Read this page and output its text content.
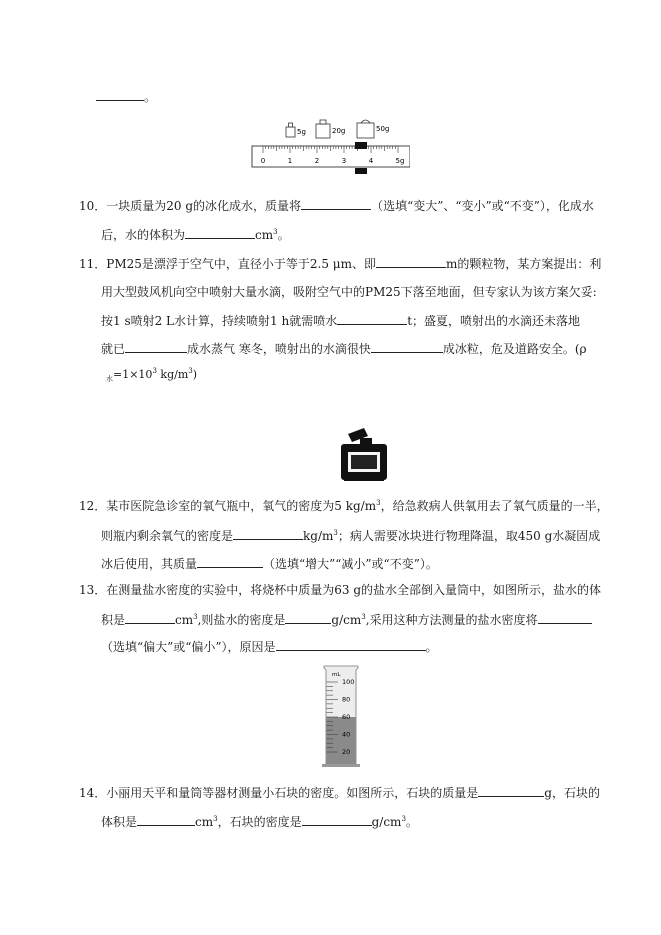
。
5g	20g	50g
0	1	2	3	4	5g
10．一块质量为20 g的冰化成水，质量将	（选填“变大”、“变小”或“不变”），化成水
后，水的体积为	$cm^3$。
11．PM25是漂浮于空气中，直径小于等于2.5 μm、即	m的颗粒物，某方案提出：利
用大型鼓风机向空中喷射大量水滴，吸附空气中的PM25下落至地面，但专家认为该方案欠妥:
按1 s喷射2 L水计算，持续喷射1 h就需喷水	t；盛夏，喷射出的水滴还未落地
就已	成水蒸气 寒冬，喷射出的水滴很快	成冰粒，危及道路安全。(ρ
$_水=1\times 10^3$ $kg/m^3$)
12．某市医院急诊室的氧气瓶中，氧气的密度为5 $kg/m^3$，给急救病人供氧用去了氧气质量的一半，
则瓶内剩余氧气的密度是	$kg/m^3$；病人需要冰块进行物理降温，取450 g水凝固成
冰后使用，其质量	（选填“增大”“减小”或“不变”）。
13．在测量盐水密度的实验中，将烧杯中质量为63 g的盐水全部倒入量筒中，如图所示，盐水的体
积是	$cm^3$,则盐水的密度是	$g/cm^3$,采用这种方法测量的盐水密度将
（选填“偏大”或“偏小”），原因是	。
mL
100
80
60
40
20
14．小丽用天平和量筒等器材测量小石块的密度。如图所示，石块的质量是	g，石块的
体积是	$cm^3$，石块的密度是	$g/cm^3$。
